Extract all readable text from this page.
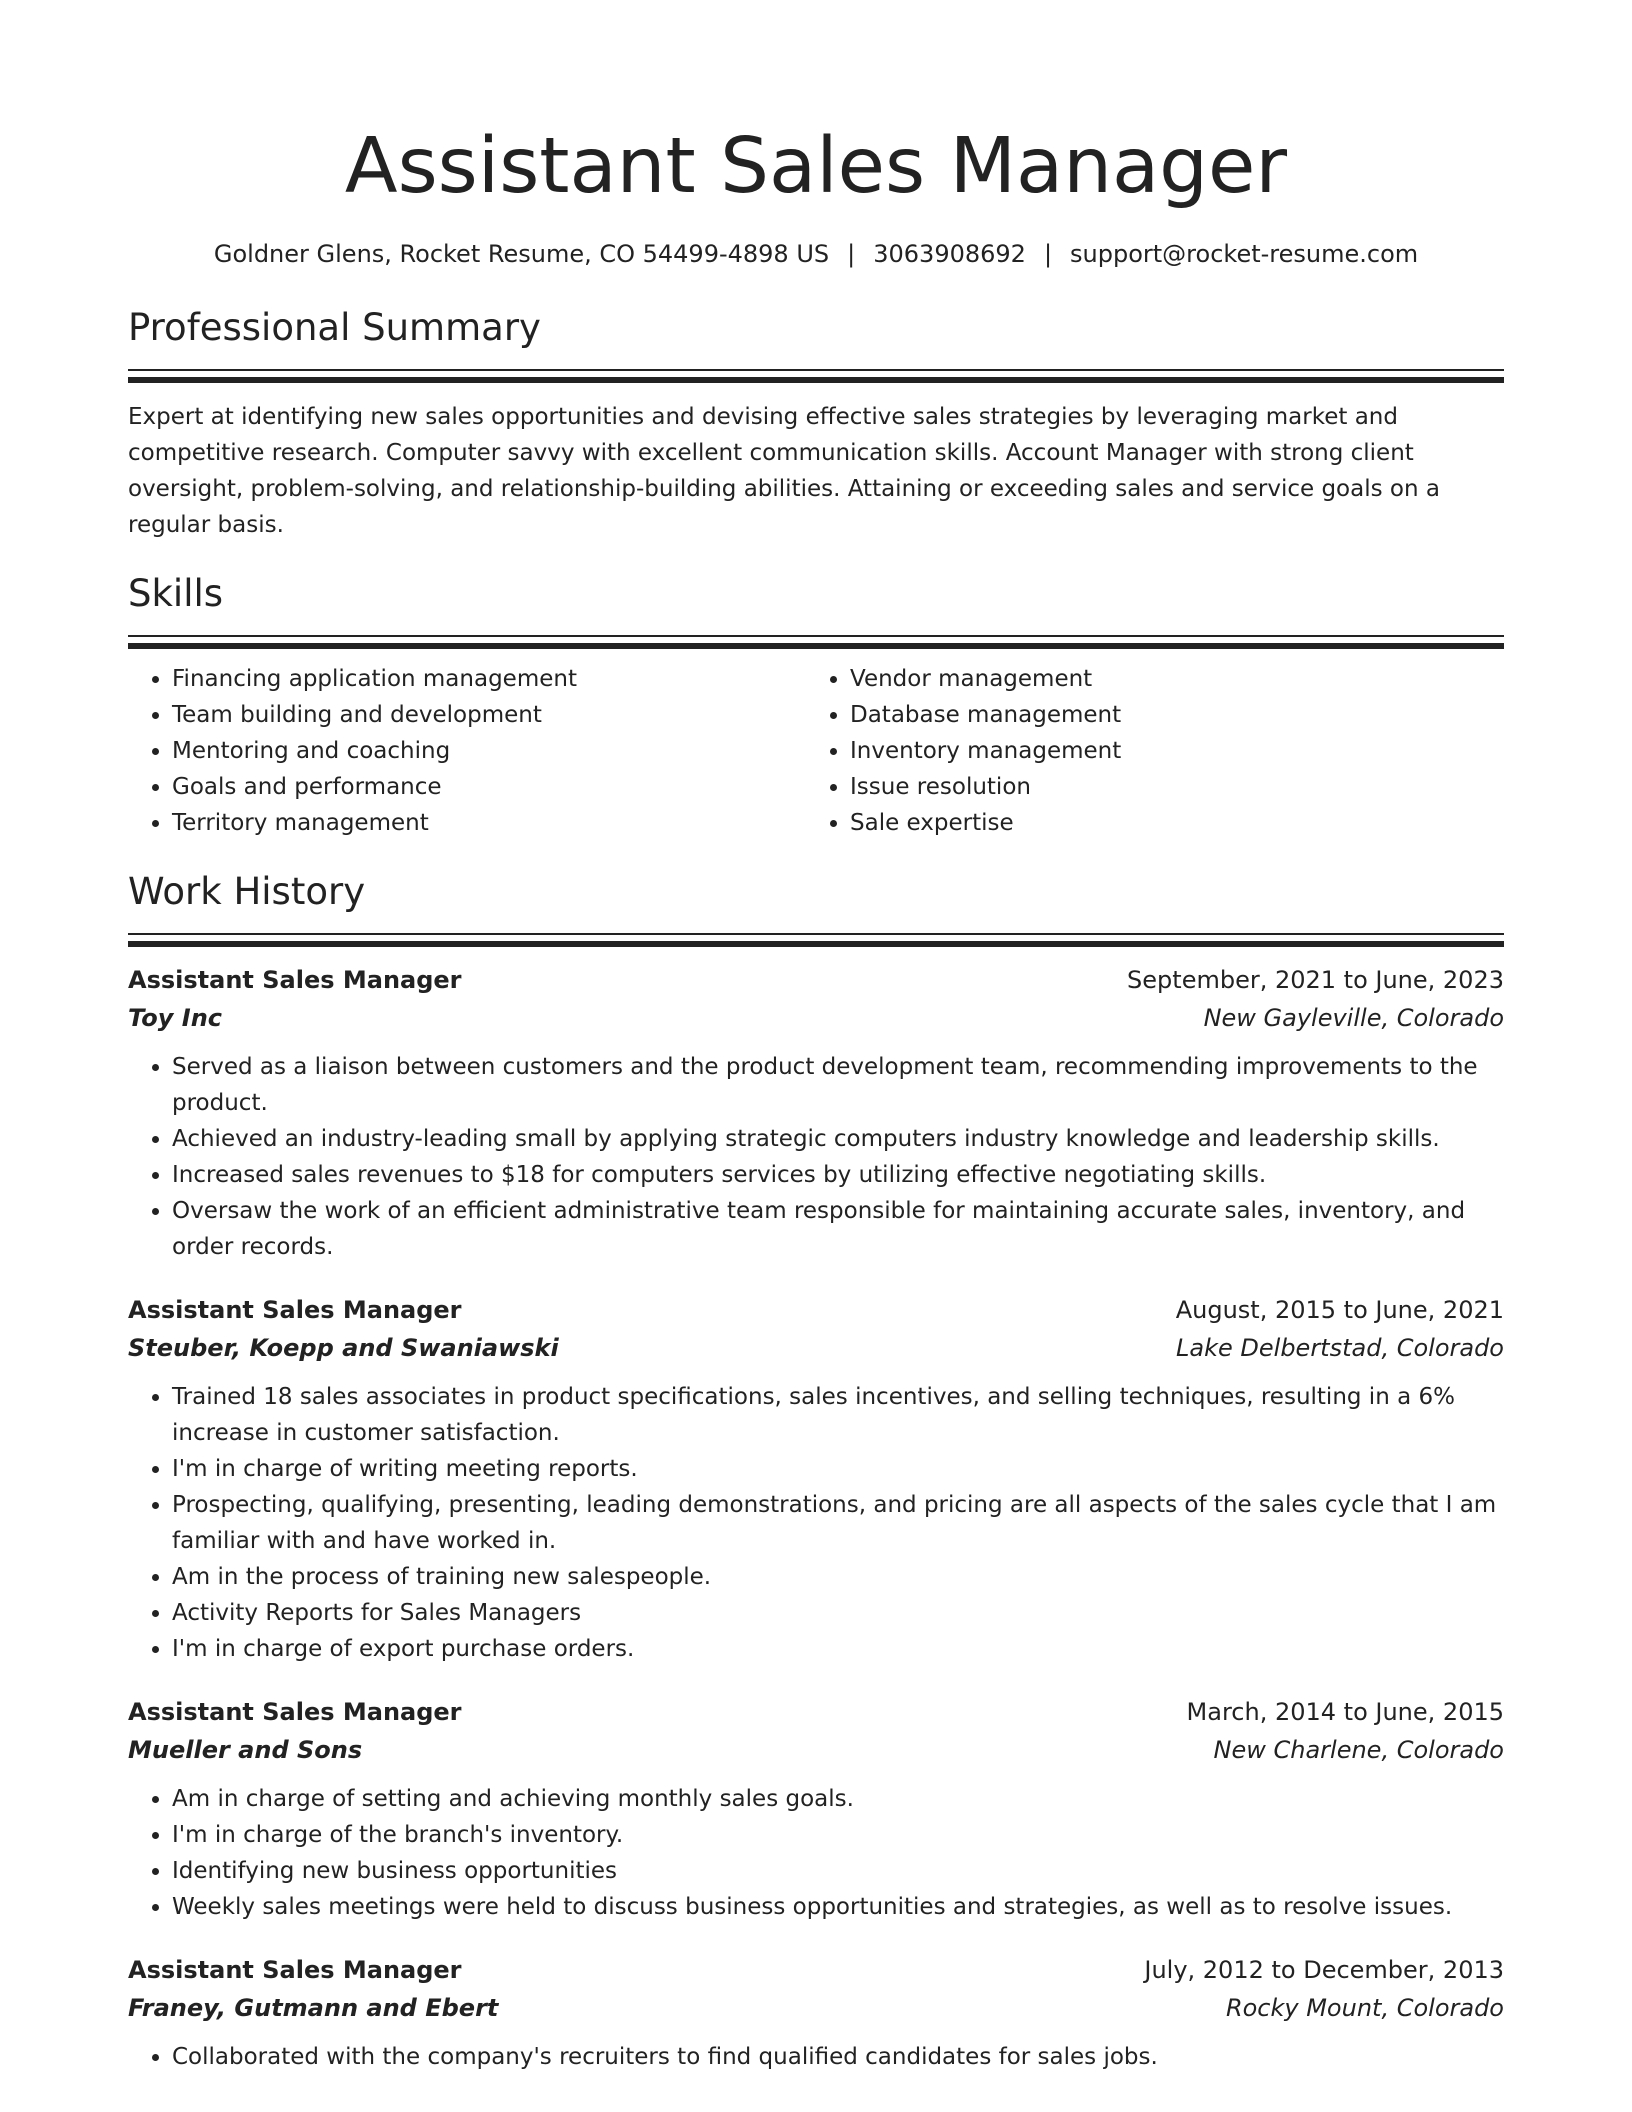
Assistant Sales Manager
Goldner Glens, Rocket Resume, CO 54499-4898 US | 3063908692 | support@rocket-resume.com
Professional Summary
Expert at identifying new sales opportunities and devising effective sales strategies by leveraging market and competitive research. Computer savvy with excellent communication skills. Account Manager with strong client oversight, problem-solving, and relationship-building abilities. Attaining or exceeding sales and service goals on a regular basis.
Skills
• Financing application management
• Team building and development
• Mentoring and coaching
• Goals and performance
• Territory management
• Vendor management
• Database management
• Inventory management
• Issue resolution
• Sale expertise
Work History
Assistant Sales Manager	September, 2021 to June, 2023
Toy Inc	New Gayleville, Colorado
• Served as a liaison between customers and the product development team, recommending improvements to the product.
• Achieved an industry-leading small by applying strategic computers industry knowledge and leadership skills.
• Increased sales revenues to $18 for computers services by utilizing effective negotiating skills.
• Oversaw the work of an efficient administrative team responsible for maintaining accurate sales, inventory, and order records.
Assistant Sales Manager	August, 2015 to June, 2021
Steuber, Koepp and Swaniawski	Lake Delbertstad, Colorado
• Trained 18 sales associates in product specifications, sales incentives, and selling techniques, resulting in a 6% increase in customer satisfaction.
• I'm in charge of writing meeting reports.
• Prospecting, qualifying, presenting, leading demonstrations, and pricing are all aspects of the sales cycle that I am familiar with and have worked in.
• Am in the process of training new salespeople.
• Activity Reports for Sales Managers
• I'm in charge of export purchase orders.
Assistant Sales Manager	March, 2014 to June, 2015
Mueller and Sons	New Charlene, Colorado
• Am in charge of setting and achieving monthly sales goals.
• I'm in charge of the branch's inventory.
• Identifying new business opportunities
• Weekly sales meetings were held to discuss business opportunities and strategies, as well as to resolve issues.
Assistant Sales Manager	July, 2012 to December, 2013
Franey, Gutmann and Ebert	Rocky Mount, Colorado
• Collaborated with the company's recruiters to find qualified candidates for sales jobs.
